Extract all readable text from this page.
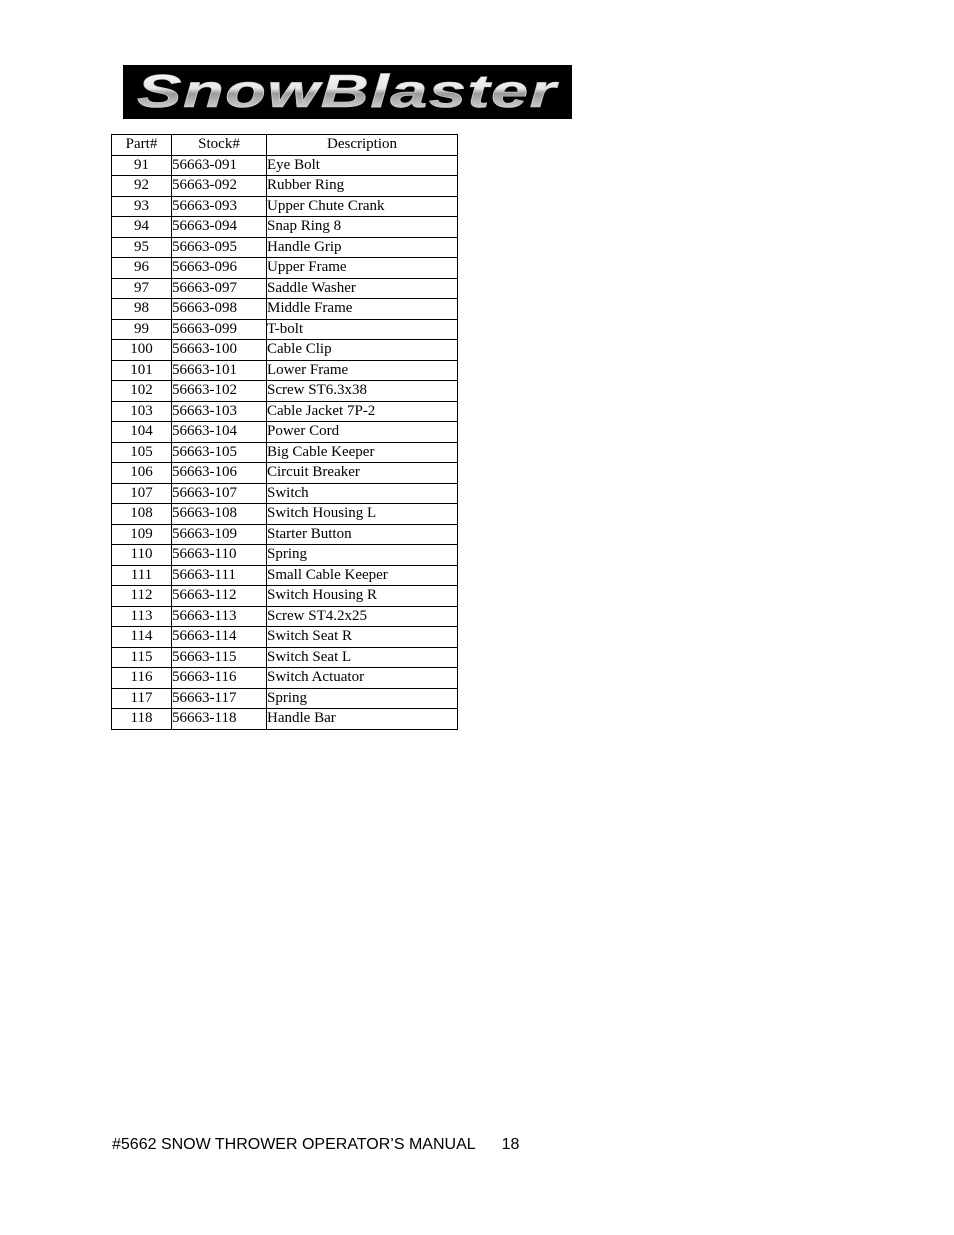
SnowBlaster
Part#	Stock#	Description
91	56663-091	Eye Bolt
92	56663-092	Rubber Ring
93	56663-093	Upper Chute Crank
94	56663-094	Snap Ring 8
95	56663-095	Handle Grip
96	56663-096	Upper Frame
97	56663-097	Saddle Washer
98	56663-098	Middle Frame
99	56663-099	T-bolt
100	56663-100	Cable Clip
101	56663-101	Lower Frame
102	56663-102	Screw ST6.3x38
103	56663-103	Cable Jacket 7P-2
104	56663-104	Power Cord
105	56663-105	Big Cable Keeper
106	56663-106	Circuit Breaker
107	56663-107	Switch
108	56663-108	Switch Housing L
109	56663-109	Starter Button
110	56663-110	Spring
111	56663-111	Small Cable Keeper
112	56663-112	Switch Housing R
113	56663-113	Screw ST4.2x25
114	56663-114	Switch Seat R
115	56663-115	Switch Seat L
116	56663-116	Switch Actuator
117	56663-117	Spring
118	56663-118	Handle Bar
#5662 SNOW THROWER OPERATOR’S MANUAL 18
